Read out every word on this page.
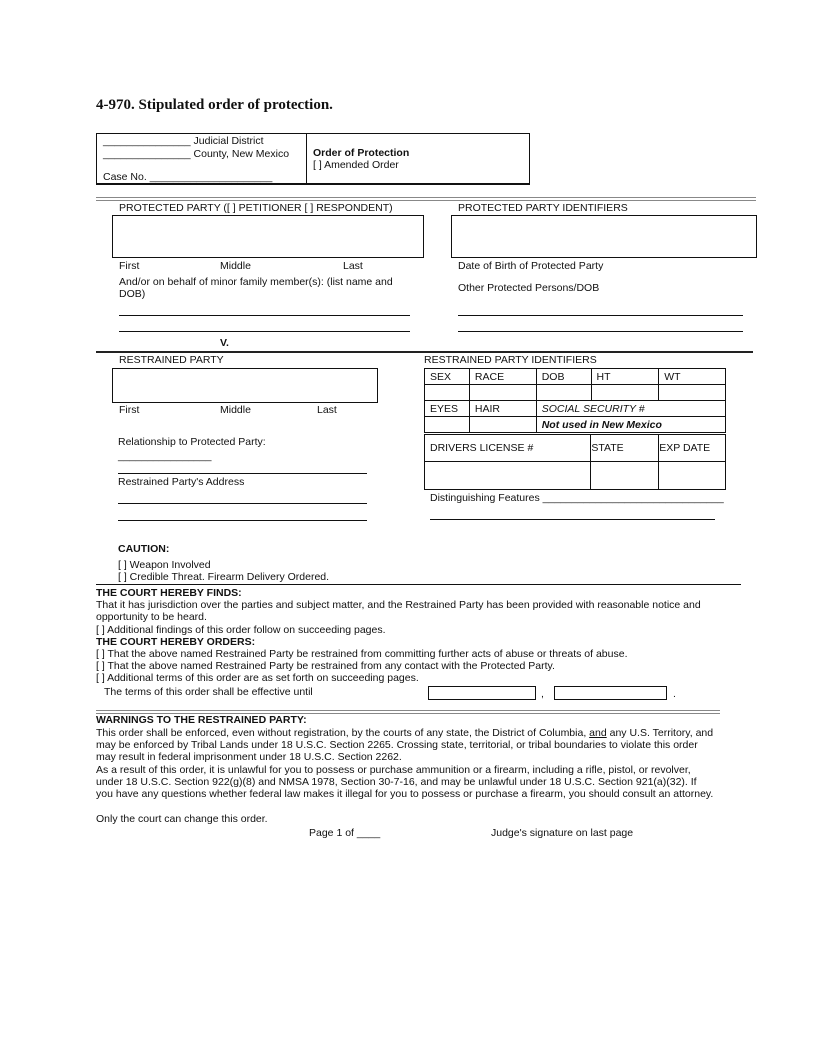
4-970. Stipulated order of protection.
_______________ Judicial District
_______________ County, New Mexico
Case No. _____________________
Order of Protection
[ ] Amended Order
PROTECTED PARTY ([ ] PETITIONER [ ] RESPONDENT)	PROTECTED PARTY IDENTIFIERS
First	Middle	Last	Date of Birth of Protected Party
And/or on behalf of minor family member(s): (list name and DOB)
Other Protected Persons/DOB
V.
RESTRAINED PARTY	RESTRAINED PARTY IDENTIFIERS
First	Middle	Last
SEX	RACE	DOB	HT	WT

EYES	HAIR	SOCIAL SECURITY #		
		Not used in New Mexico		
DRIVERS LICENSE #	STATE	EXP DATE

Relationship to Protected Party:
________________
Restrained Party's Address
Distinguishing Features _______________________________
CAUTION:
[ ] Weapon Involved
[ ] Credible Threat. Firearm Delivery Ordered.
THE COURT HEREBY FINDS:
That it has jurisdiction over the parties and subject matter, and the Restrained Party has been provided with reasonable notice and opportunity to be heard.
[ ] Additional findings of this order follow on succeeding pages.
THE COURT HEREBY ORDERS:
[ ] That the above named Restrained Party be restrained from committing further acts of abuse or threats of abuse.
[ ] That the above named Restrained Party be restrained from any contact with the Protected Party.
[ ] Additional terms of this order are as set forth on succeeding pages.
The terms of this order shall be effective until	,	.
WARNINGS TO THE RESTRAINED PARTY:
This order shall be enforced, even without registration, by the courts of any state, the District of Columbia, and any U.S. Territory, and may be enforced by Tribal Lands under 18 U.S.C. Section 2265. Crossing state, territorial, or tribal boundaries to violate this order may result in federal imprisonment under 18 U.S.C. Section 2262.
As a result of this order, it is unlawful for you to possess or purchase ammunition or a firearm, including a rifle, pistol, or revolver, under 18 U.S.C. Section 922(g)(8) and NMSA 1978, Section 30-7-16, and may be unlawful under 18 U.S.C. Section 921(a)(32). If you have any questions whether federal law makes it illegal for you to possess or purchase a firearm, you should consult an attorney.
Only the court can change this order.
Page 1 of ____	Judge's signature on last page
